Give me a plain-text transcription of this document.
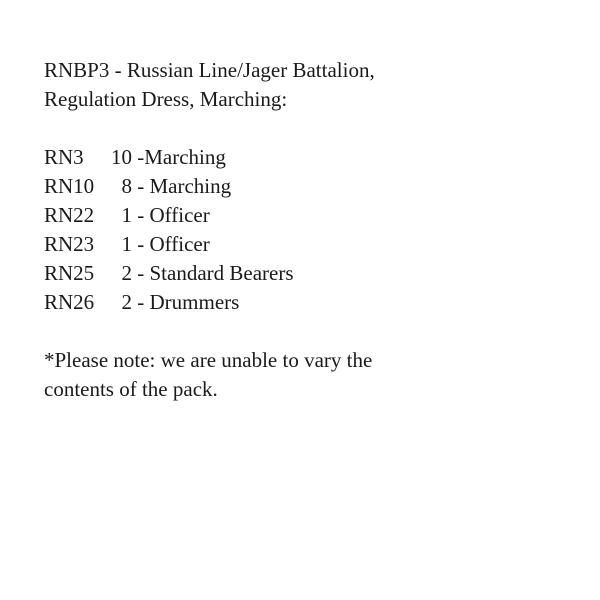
RNBP3 - Russian Line/Jager Battalion,
Regulation Dress, Marching:
RN3	10 - Marching
RN10	8 - Marching
RN22	1 - Officer
RN23	1 - Officer
RN25	2 - Standard Bearers
RN26	2 - Drummers
*Please note: we are unable to vary the
contents of the pack.
